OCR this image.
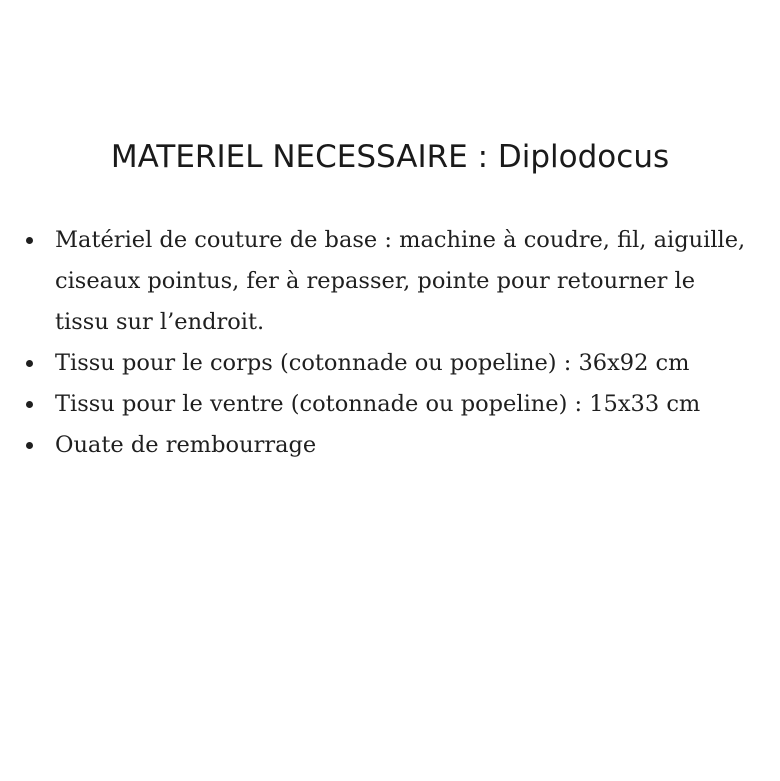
MATERIEL NECESSAIRE : Diplodocus
Matériel de couture de base : machine à coudre, fil, aiguille,
ciseaux pointus, fer à repasser, pointe pour retourner le
tissu sur l’endroit.
Tissu pour le corps (cotonnade ou popeline) : 36x92 cm
Tissu pour le ventre (cotonnade ou popeline) : 15x33 cm
Ouate de rembourrage
